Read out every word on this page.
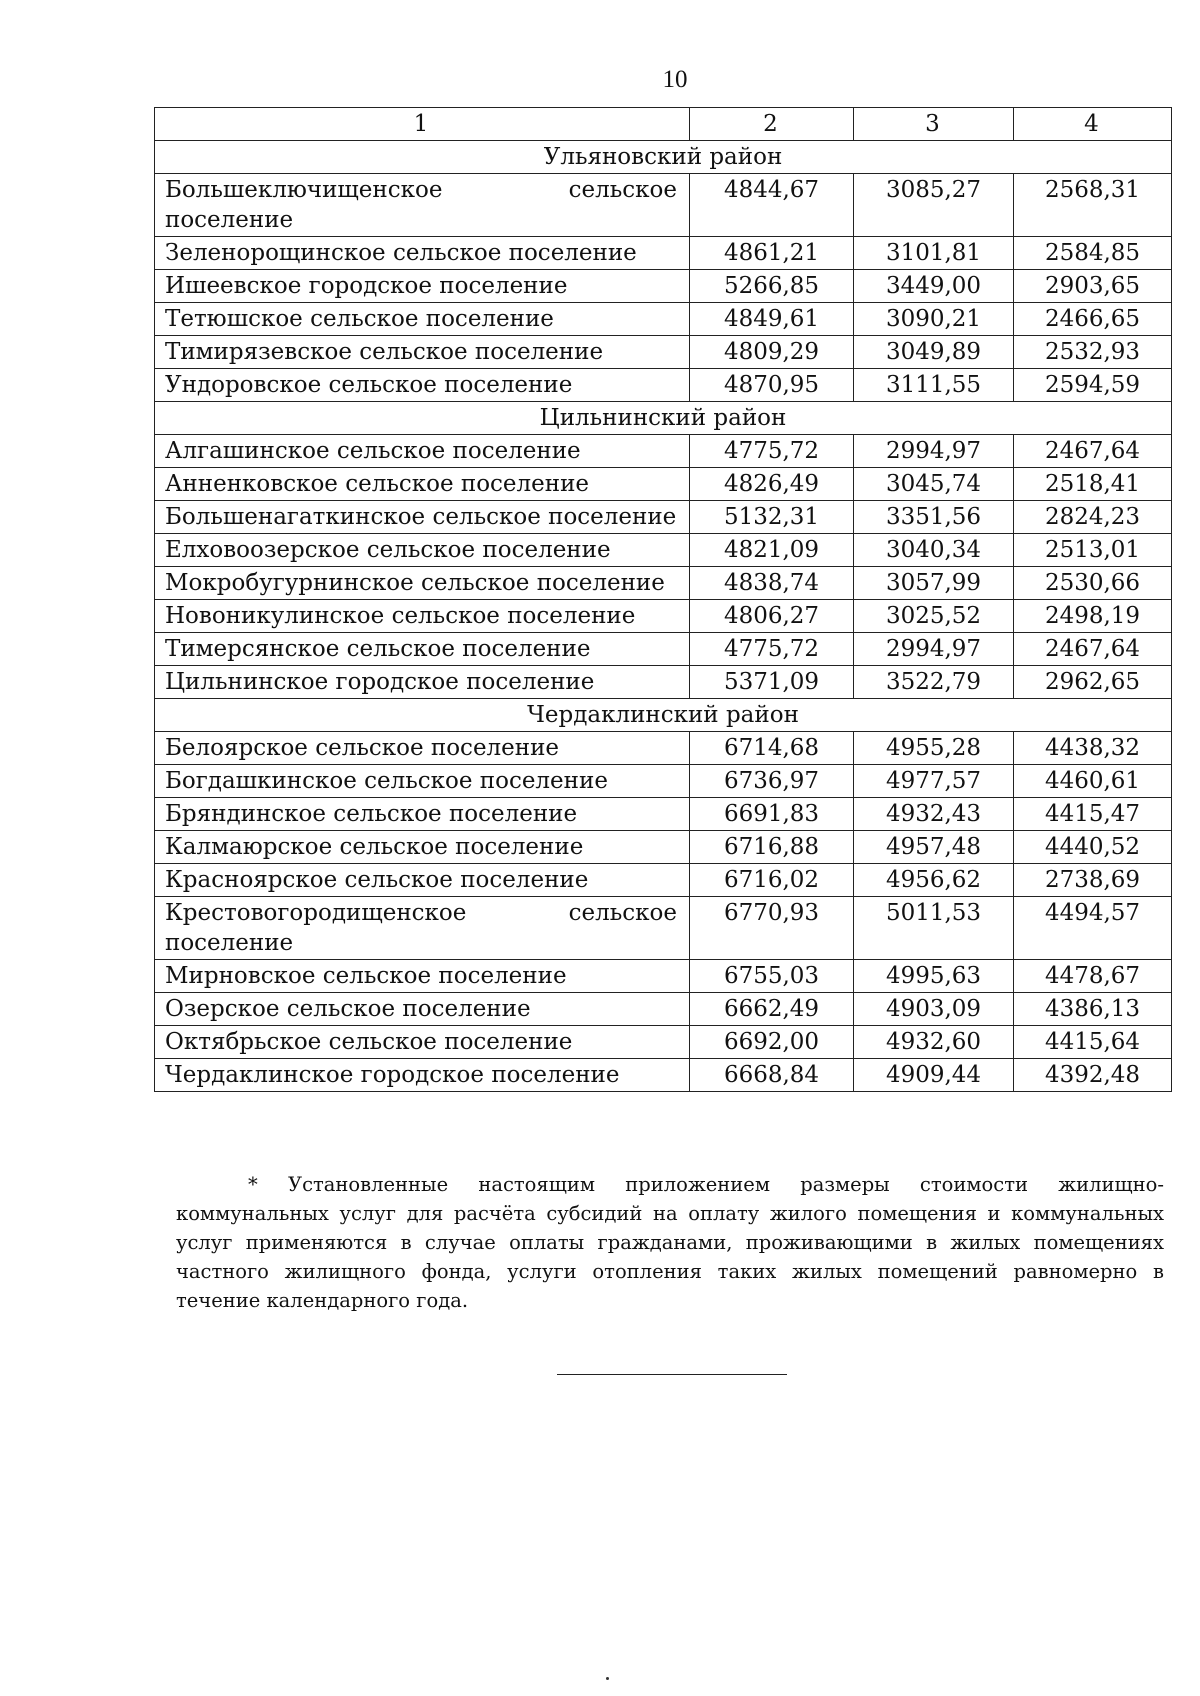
10
1	2	3	4
Ульяновский район			
Большеключищенское сельское поселение	4844,67	3085,27	2568,31
Зеленорощинское сельское поселение	4861,21	3101,81	2584,85
Ишеевское городское поселение	5266,85	3449,00	2903,65
Тетюшское сельское поселение	4849,61	3090,21	2466,65
Тимирязевское сельское поселение	4809,29	3049,89	2532,93
Ундоровское сельское поселение	4870,95	3111,55	2594,59
Цильнинский район			
Алгашинское сельское поселение	4775,72	2994,97	2467,64
Анненковское сельское поселение	4826,49	3045,74	2518,41
Большенагаткинское сельское поселение	5132,31	3351,56	2824,23
Елховоозерское сельское поселение	4821,09	3040,34	2513,01
Мокробугурнинское сельское поселение	4838,74	3057,99	2530,66
Новоникулинское сельское поселение	4806,27	3025,52	2498,19
Тимерсянское сельское поселение	4775,72	2994,97	2467,64
Цильнинское городское поселение	5371,09	3522,79	2962,65
Чердаклинский район			
Белоярское сельское поселение	6714,68	4955,28	4438,32
Богдашкинское сельское поселение	6736,97	4977,57	4460,61
Бряндинское сельское поселение	6691,83	4932,43	4415,47
Калмаюрское сельское поселение	6716,88	4957,48	4440,52
Красноярское сельское поселение	6716,02	4956,62	2738,69
Крестовогородищенское сельское поселение	6770,93	5011,53	4494,57
Мирновское сельское поселение	6755,03	4995,63	4478,67
Озерское сельское поселение	6662,49	4903,09	4386,13
Октябрьское сельское поселение	6692,00	4932,60	4415,64
Чердаклинское городское поселение	6668,84	4909,44	4392,48
* Установленные настоящим приложением размеры стоимости жилищно-коммунальных услуг для расчёта субсидий на оплату жилого помещения и коммунальных услуг применяются в случае оплаты гражданами, проживающими в жилых помещениях частного жилищного фонда, услуги отопления таких жилых помещений равномерно в течение календарного года.
